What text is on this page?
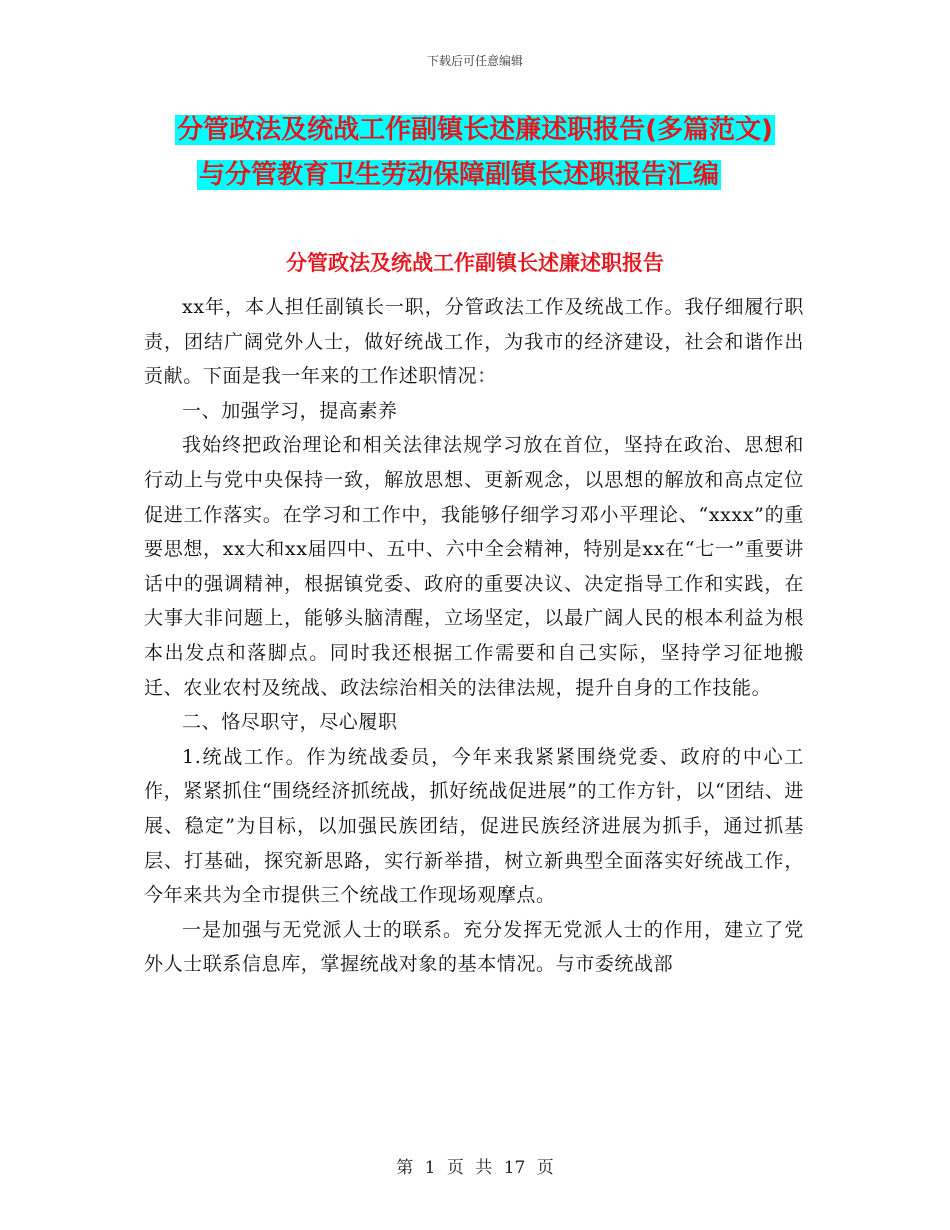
下载后可任意编辑
分管政法及统战工作副镇长述廉述职报告(多篇范文)
与分管教育卫生劳动保障副镇长述职报告汇编
分管政法及统战工作副镇长述廉述职报告

xx年，本人担任副镇长一职，分管政法工作及统战工作。我仔细履行职责，团结广阔党外人士，做好统战工作，为我市的经济建设，社会和谐作出贡献。下面是我一年来的工作述职情况：

一、加强学习，提高素养

我始终把政治理论和相关法律法规学习放在首位，坚持在政治、思想和行动上与党中央保持一致，解放思想、更新观念，以思想的解放和高点定位促进工作落实。在学习和工作中，我能够仔细学习邓小平理论、“xxxx”的重要思想，xx大和xx届四中、五中、六中全会精神，特别是xx在“七一”重要讲话中的强调精神，根据镇党委、政府的重要决议、决定指导工作和实践，在大事大非问题上，能够头脑清醒，立场坚定，以最广阔人民的根本利益为根本出发点和落脚点。同时我还根据工作需要和自己实际，坚持学习征地搬迁、农业农村及统战、政法综治相关的法律法规，提升自身的工作技能。

二、恪尽职守，尽心履职

1.统战工作。作为统战委员，今年来我紧紧围绕党委、政府的中心工作，紧紧抓住“围绕经济抓统战，抓好统战促进展”的工作方针，以“团结、进展、稳定”为目标，以加强民族团结，促进民族经济进展为抓手，通过抓基层、打基础，探究新思路，实行新举措，树立新典型全面落实好统战工作，今年来共为全市提供三个统战工作现场观摩点。

一是加强与无党派人士的联系。充分发挥无党派人士的作用，建立了党外人士联系信息库，掌握统战对象的基本情况。与市委统战部

第 1 页 共 17 页
